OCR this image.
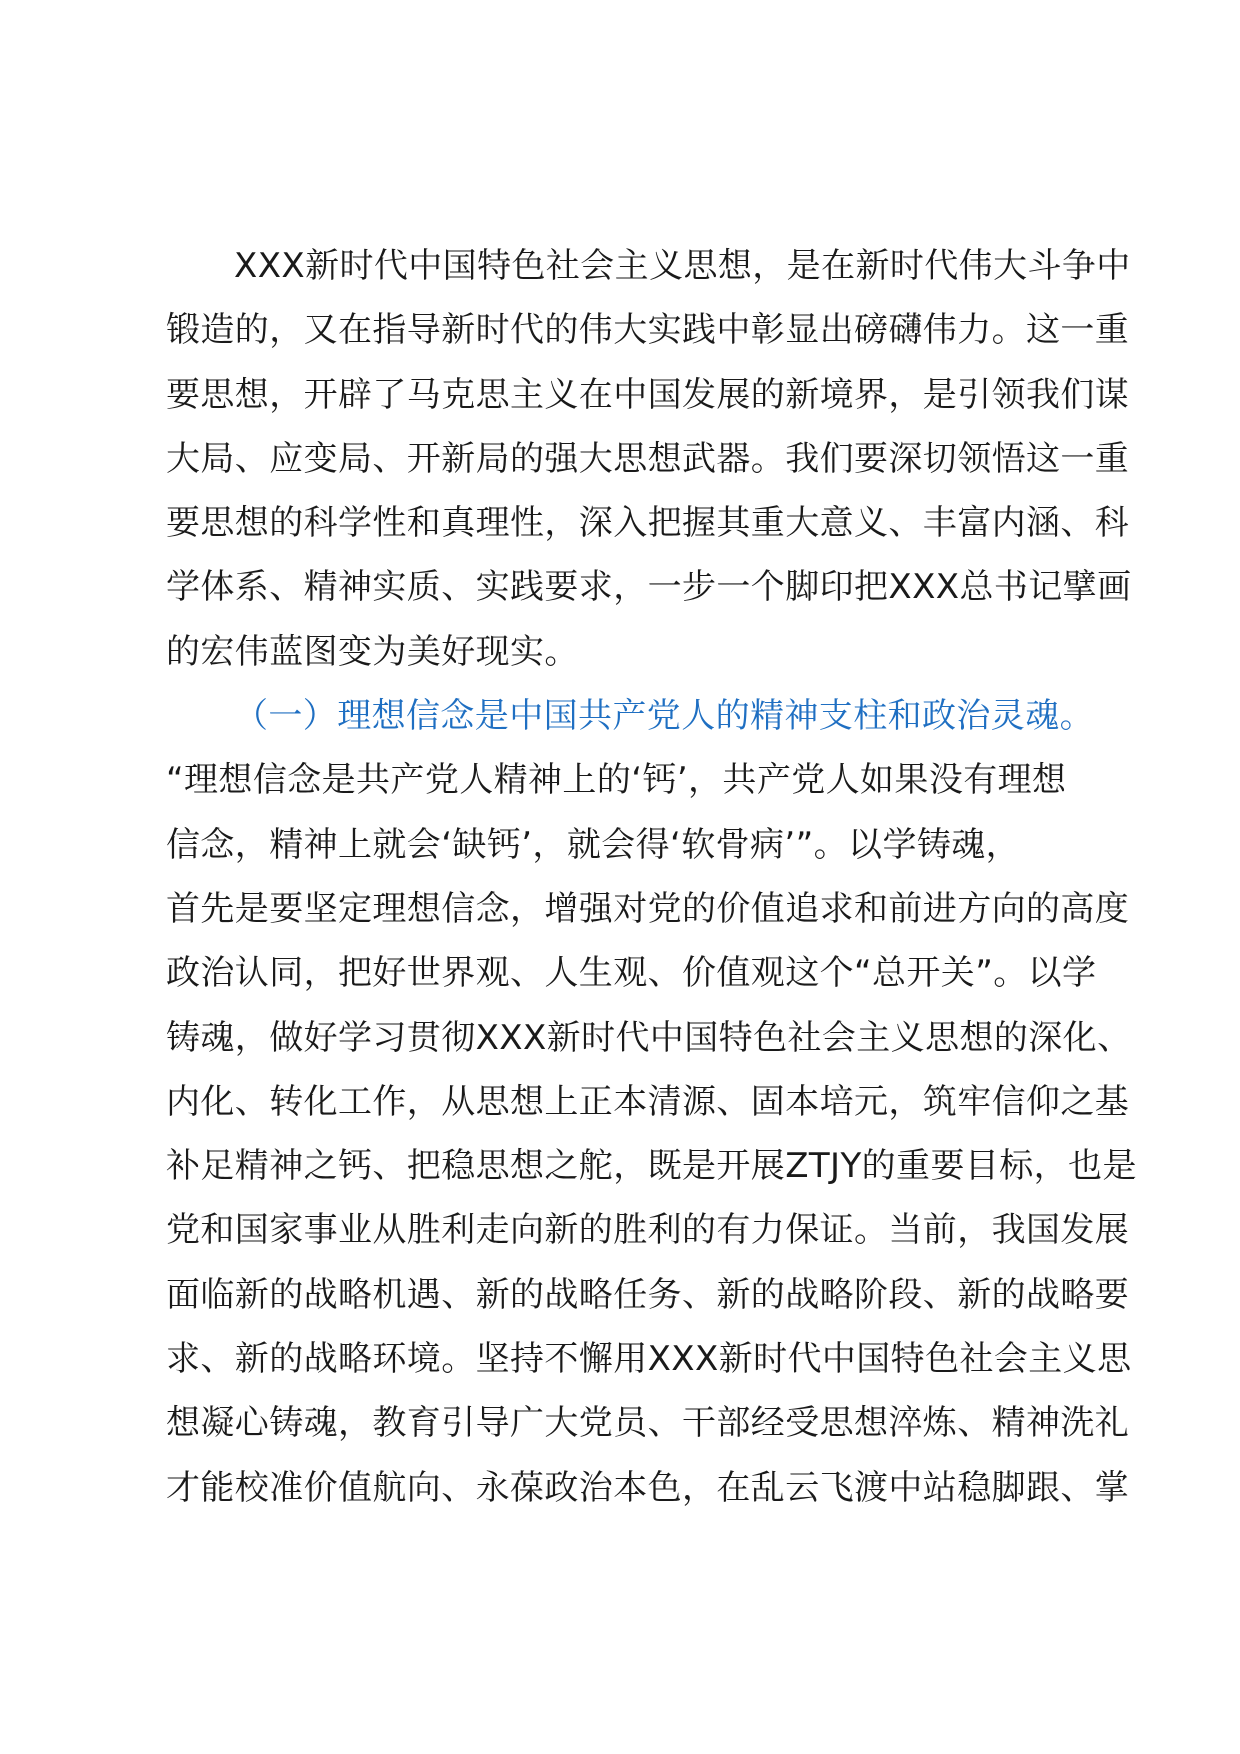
XXX新时代中国特色社会主义思想，是在新时代伟大斗争中
锻造的，又在指导新时代的伟大实践中彰显出磅礴伟力。这一重
要思想，开辟了马克思主义在中国发展的新境界，是引领我们谋
大局、应变局、开新局的强大思想武器。我们要深切领悟这一重
要思想的科学性和真理性，深入把握其重大意义、丰富内涵、科
学体系、精神实质、实践要求，一步一个脚印把XXX总书记擘画
的宏伟蓝图变为美好现实。
（一）理想信念是中国共产党人的精神支柱和政治灵魂。
“理想信念是共产党人精神上的‘钙’，共产党人如果没有理想
信念，精神上就会‘缺钙’，就会得‘软骨病’”。以学铸魂，
首先是要坚定理想信念，增强对党的价值追求和前进方向的高度
政治认同，把好世界观、人生观、价值观这个“总开关”。以学
铸魂，做好学习贯彻XXX新时代中国特色社会主义思想的深化、
内化、转化工作，从思想上正本清源、固本培元，筑牢信仰之基
补足精神之钙、把稳思想之舵，既是开展ZTJY的重要目标，也是
党和国家事业从胜利走向新的胜利的有力保证。当前，我国发展
面临新的战略机遇、新的战略任务、新的战略阶段、新的战略要
求、新的战略环境。坚持不懈用XXX新时代中国特色社会主义思
想凝心铸魂，教育引导广大党员、干部经受思想淬炼、精神洗礼
才能校准价值航向、永葆政治本色，在乱云飞渡中站稳脚跟、掌
